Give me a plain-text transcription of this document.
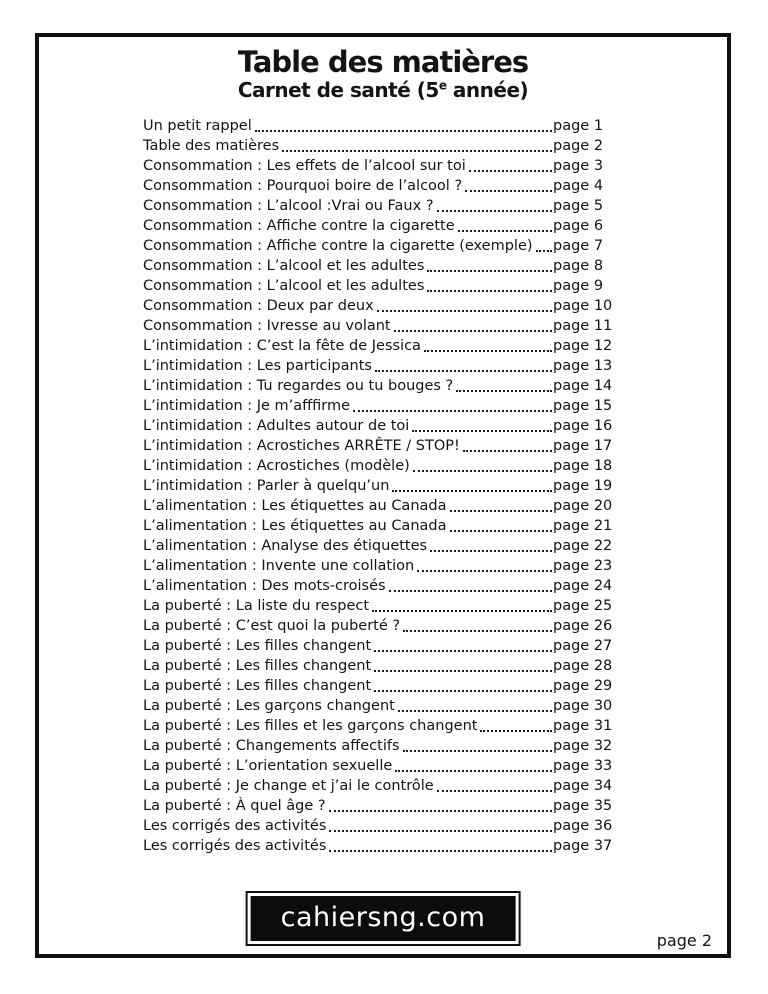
Table des matières
Carnet de santé (5e année)
Un petit rappel	page 1
Table des matières	page 2
Consommation : Les effets de l’alcool sur toi	page 3
Consommation : Pourquoi boire de l’alcool ?	page 4
Consommation : L’alcool :Vrai ou Faux ?	page 5
Consommation : Affiche contre la cigarette	page 6
Consommation : Affiche contre la cigarette (exemple) page 7
Consommation : L’alcool et les adultes	page 8
Consommation : L’alcool et les adultes	page 9
Consommation : Deux par deux	page 10
Consommation : Ivresse au volant	page 11
L’intimidation : C’est la fête de Jessica	page 12
L’intimidation : Les participants	page 13
L’intimidation : Tu regardes ou tu bouges ?	page 14
L’intimidation : Je m’afffirme	page 15
L’intimidation : Adultes autour de toi	page 16
L’intimidation : Acrostiches ARRÊTE / STOP!	page 17
L’intimidation : Acrostiches (modèle)	page 18
L’intimidation : Parler à quelqu’un	page 19
L’alimentation : Les étiquettes au Canada	page 20
L’alimentation : Les étiquettes au Canada	page 21
L’alimentation : Analyse des étiquettes	page 22
L’alimentation : Invente une collation	page 23
L’alimentation : Des mots-croisés	page 24
La puberté : La liste du respect	page 25
La puberté : C’est quoi la puberté ?	page 26
La puberté : Les filles changent	page 27
La puberté : Les filles changent	page 28
La puberté : Les filles changent	page 29
La puberté : Les garçons changent	page 30
La puberté : Les filles et les garçons changent	page 31
La puberté : Changements affectifs	page 32
La puberté : L’orientation sexuelle	page 33
La puberté : Je change et j’ai le contrôle	page 34
La puberté : À quel âge ?	page 35
Les corrigés des activités	page 36
Les corrigés des activités	page 37
cahiersng.com
page 2
